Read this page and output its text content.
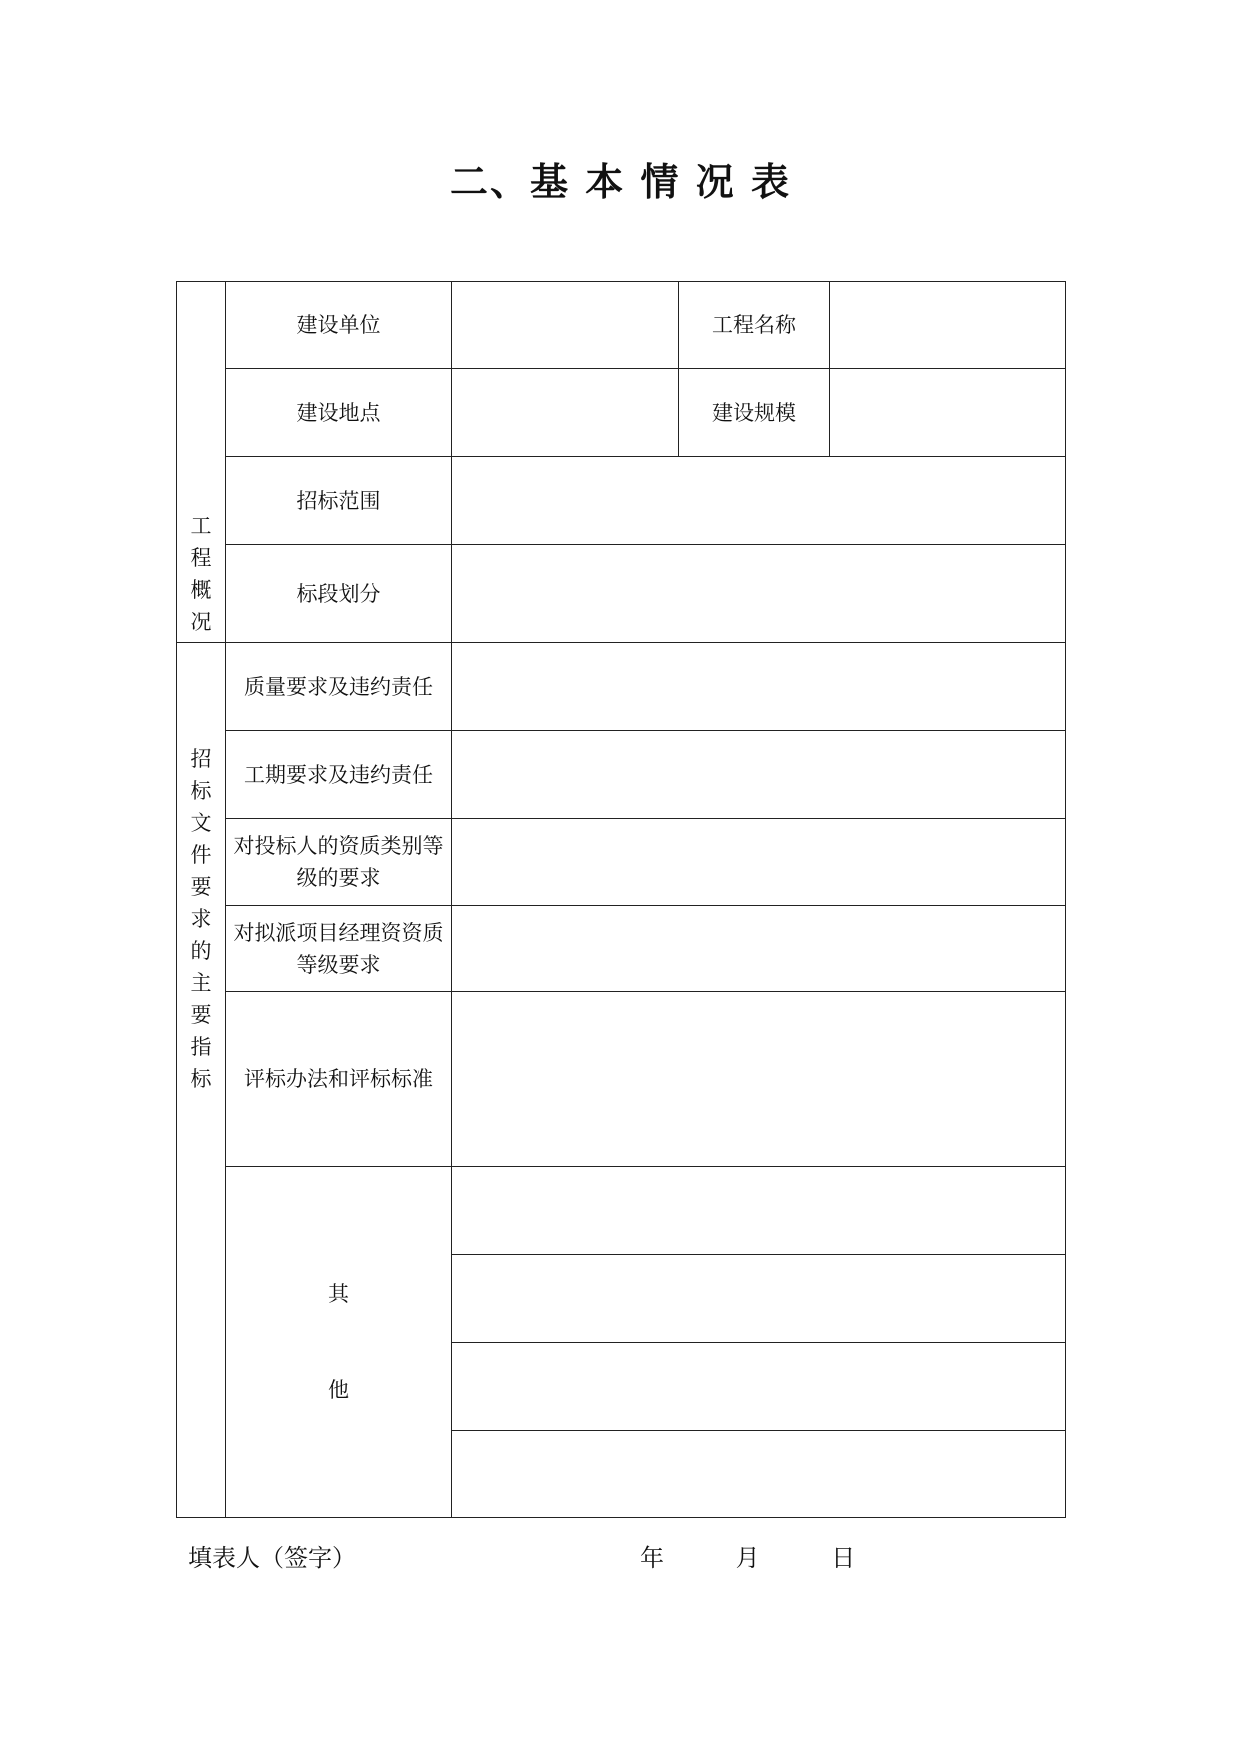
二、基 本 情 况 表
工程概况	建设单位		工程名称	
	建设地点		建设规模	
	招标范围			
	标段划分			
招标文件要求的主要指标	质量要求及违约责任			
	工期要求及违约责任			
	对投标人的资质类别等级的要求			
	对拟派项目经理资资质等级要求			
	评标办法和评标标准			

	其
他			

填表人（签字）	年	月	日
